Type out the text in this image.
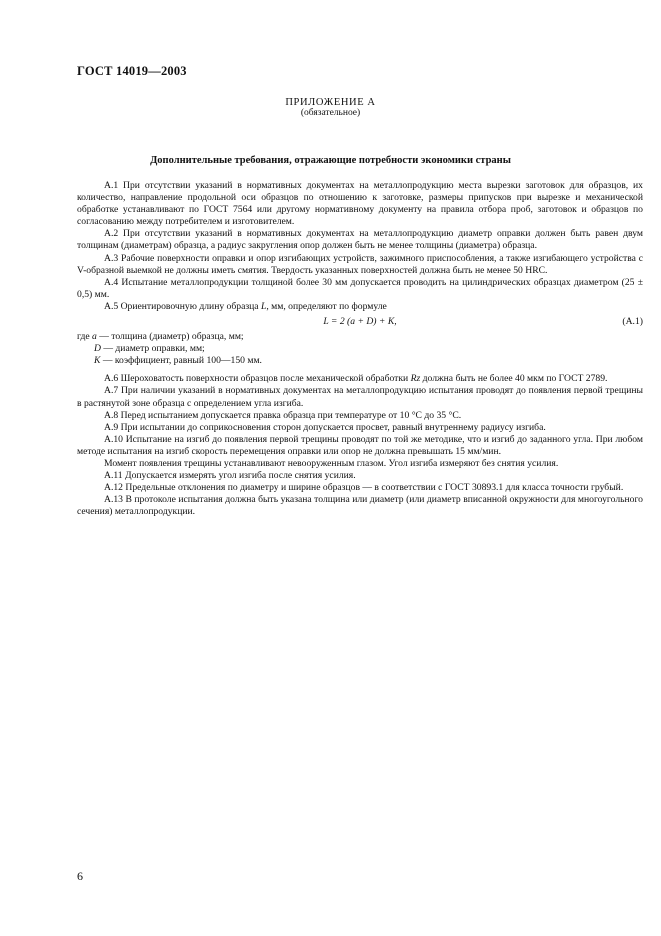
ГОСТ 14019—2003
ПРИЛОЖЕНИЕ А
(обязательное)
Дополнительные требования, отражающие потребности экономики страны

А.1 При отсутствии указаний в нормативных документах на металлопродукцию места вырезки заготовок для образцов, их количество, направление продольной оси образцов по отношению к заготовке, размеры припусков при вырезке и механической обработке устанавливают по ГОСТ 7564 или другому нормативному документу на правила отбора проб, заготовок и образцов по согласованию между потребителем и изготовителем.

А.2 При отсутствии указаний в нормативных документах на металлопродукцию диаметр оправки должен быть равен двум толщинам (диаметрам) образца, а радиус закругления опор должен быть не менее толщины (диаметра) образца.

А.3 Рабочие поверхности оправки и опор изгибающих устройств, зажимного приспособления, а также изгибающего устройства с V-образной выемкой не должны иметь смятия. Твердость указанных поверхностей должна быть не менее 50 HRC.

А.4 Испытание металлопродукции толщиной более 30 мм допускается проводить на цилиндрических образцах диаметром (25 ± 0,5) мм.

А.5 Ориентировочную длину образца L, мм, определяют по формуле

L = 2 (a + D) + K,	(А.1)
где a — толщина (диаметр) образца, мм;
D — диаметр оправки, мм;
K — коэффициент, равный 100—150 мм.

А.6 Шероховатость поверхности образцов после механической обработки Rz должна быть не более 40 мкм по ГОСТ 2789.

А.7 При наличии указаний в нормативных документах на металлопродукцию испытания проводят до появления первой трещины в растянутой зоне образца с определением угла изгиба.

А.8 Перед испытанием допускается правка образца при температуре от 10 °С до 35 °С.

А.9 При испытании до соприкосновения сторон допускается просвет, равный внутреннему радиусу изгиба.

А.10 Испытание на изгиб до появления первой трещины проводят по той же методике, что и изгиб до заданного угла. При любом методе испытания на изгиб скорость перемещения оправки или опор не должна превышать 15 мм/мин.

Момент появления трещины устанавливают невооруженным глазом. Угол изгиба измеряют без снятия усилия.

А.11 Допускается измерять угол изгиба после снятия усилия.

А.12 Предельные отклонения по диаметру и ширине образцов — в соответствии с ГОСТ 30893.1 для класса точности грубый.

А.13 В протоколе испытания должна быть указана толщина или диаметр (или диаметр вписанной окружности для многоугольного сечения) металлопродукции.

6
